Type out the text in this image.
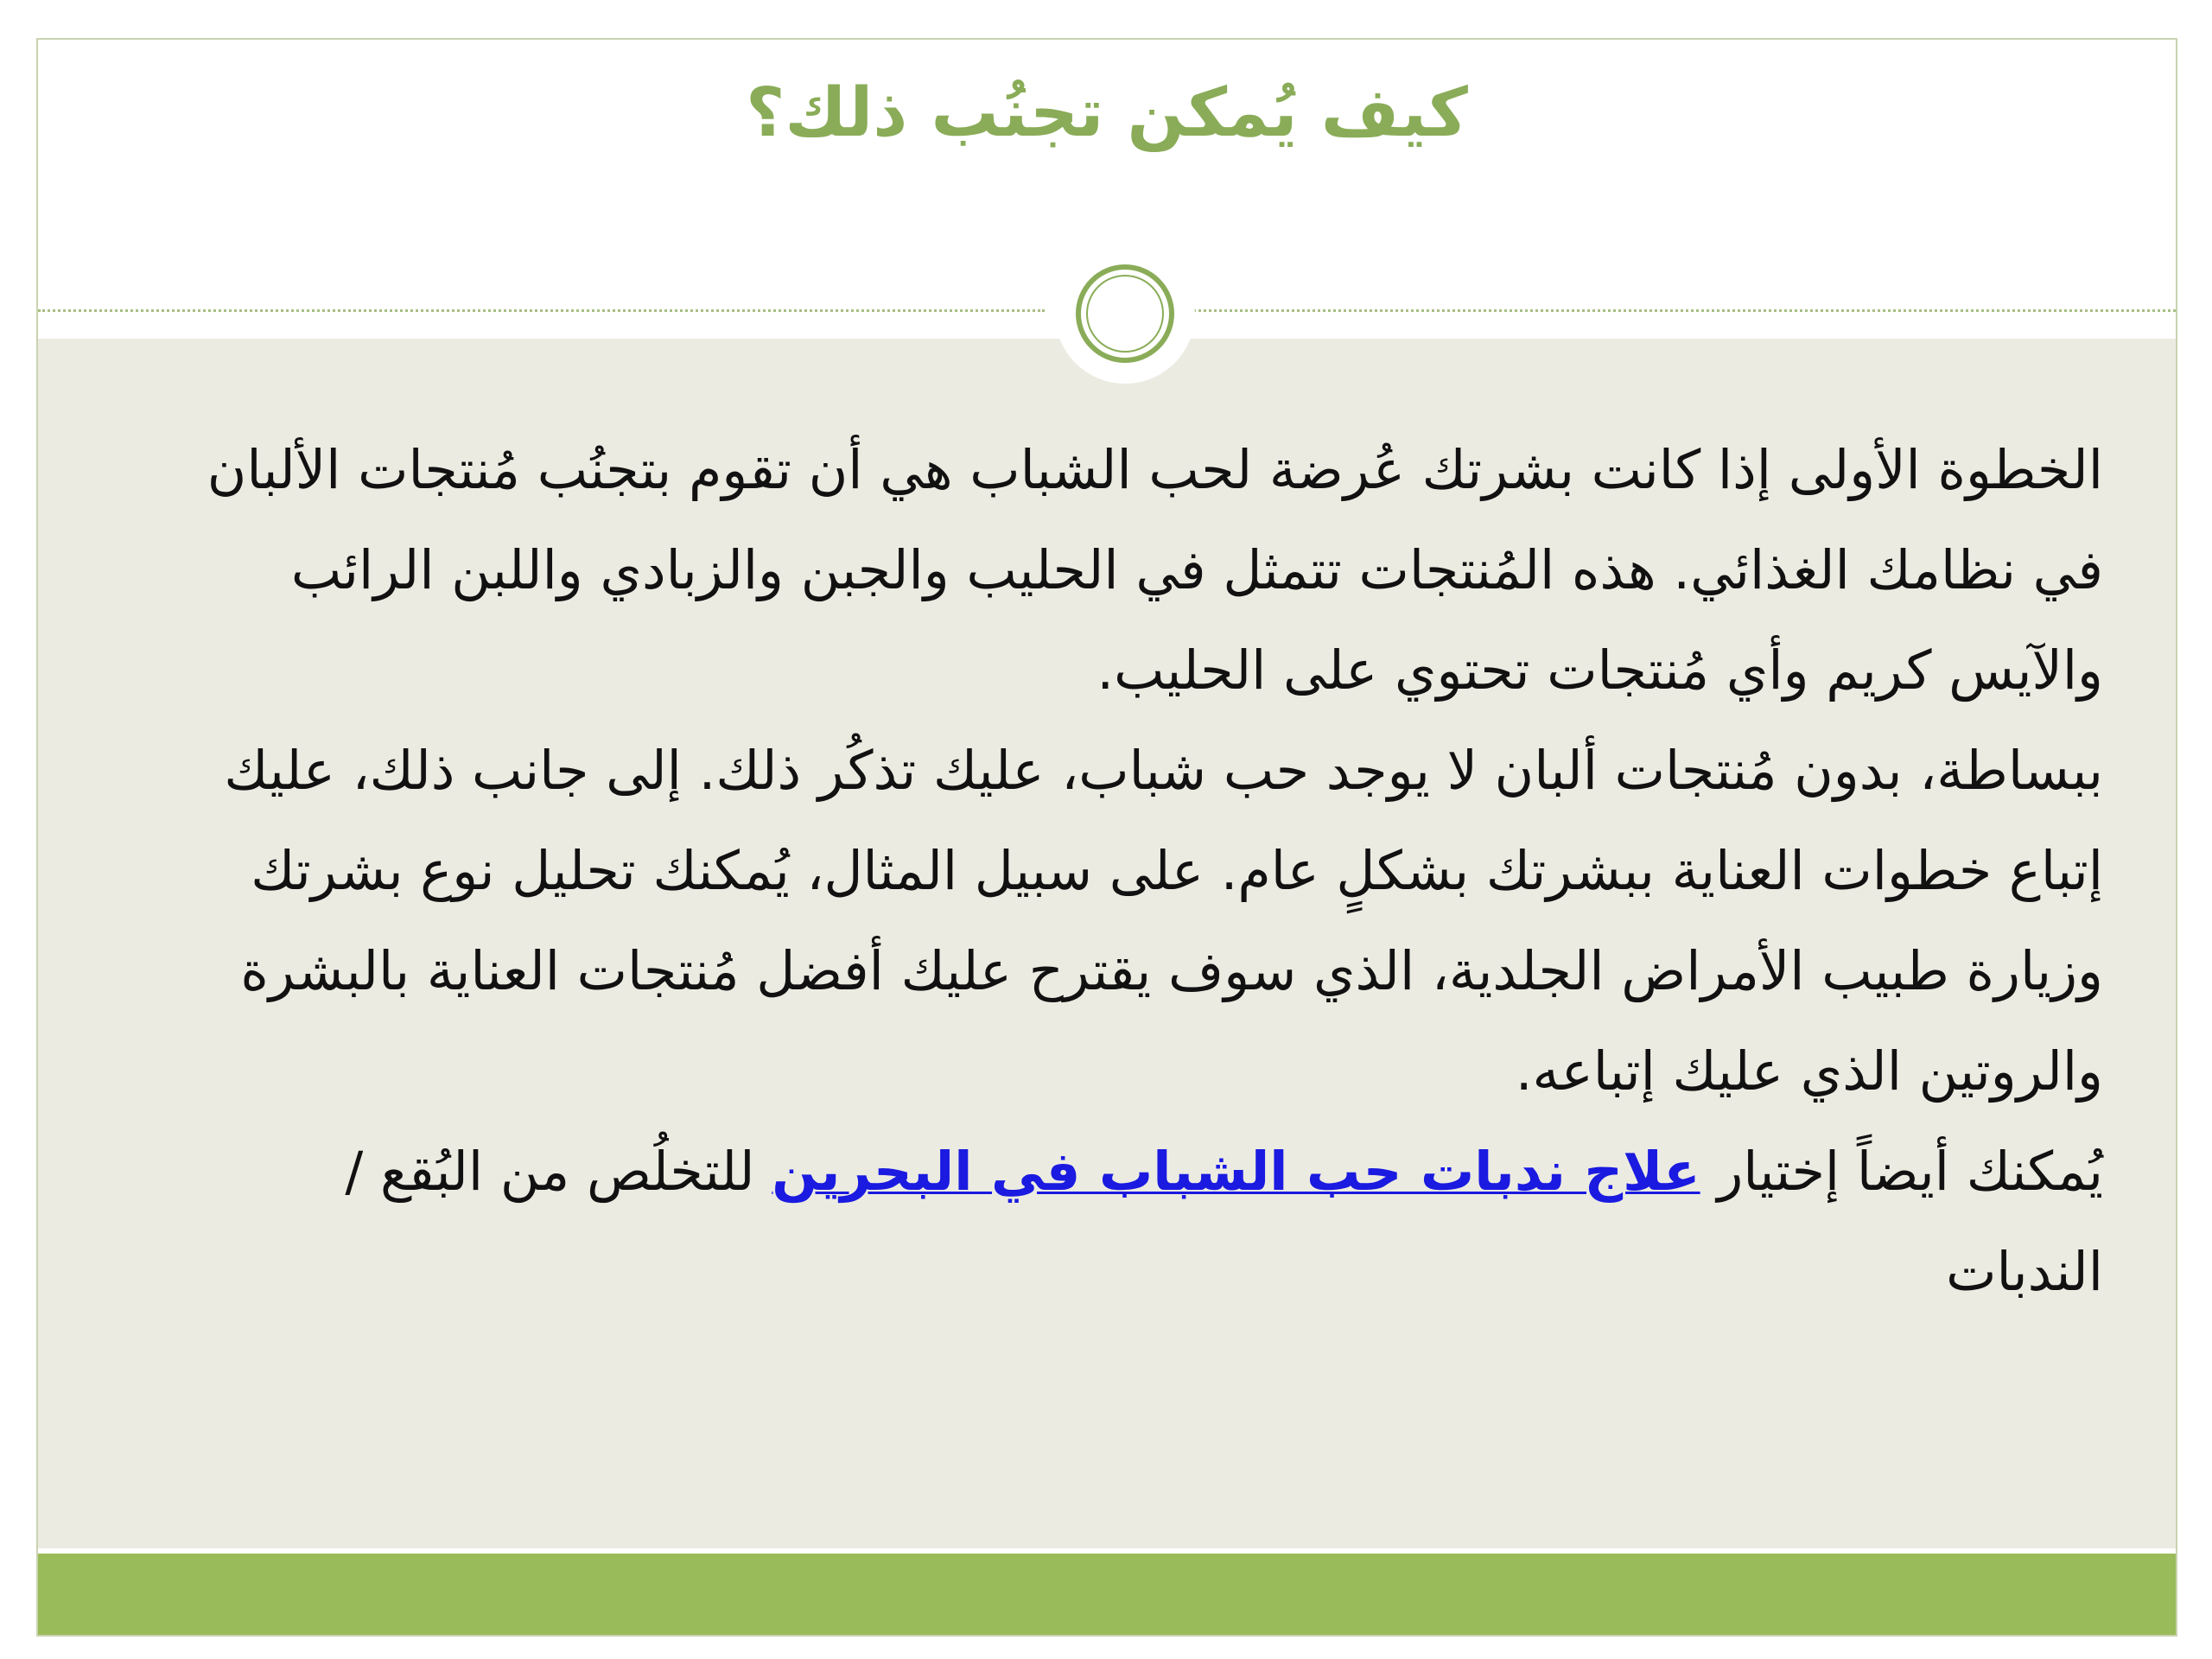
كيف يُمكن تجنُب ذلك؟

الخطوة الأولى إذا كانت بشرتك عُرضة لحب الشباب هي أن تقوم بتجنُب مُنتجات الألبان في نظامك الغذائي. هذه المُنتجات تتمثل في الحليب والجبن والزبادي واللبن الرائب والآيس كريم وأي مُنتجات تحتوي على الحليب.

ببساطة، بدون مُنتجات ألبان لا يوجد حب شباب، عليك تذكُر ذلك. إلى جانب ذلك، عليك إتباع خطوات العناية ببشرتك بشكلٍ عام. على سبيل المثال، يُمكنك تحليل نوع بشرتك وزيارة طبيب الأمراض الجلدية، الذي سوف يقترح عليك أفضل مُنتجات العناية بالبشرة والروتين الذي عليك إتباعه.

يُمكنك أيضاً إختيار علاج ندبات حب الشباب في البحرين للتخلُص من البُقع / الندبات
